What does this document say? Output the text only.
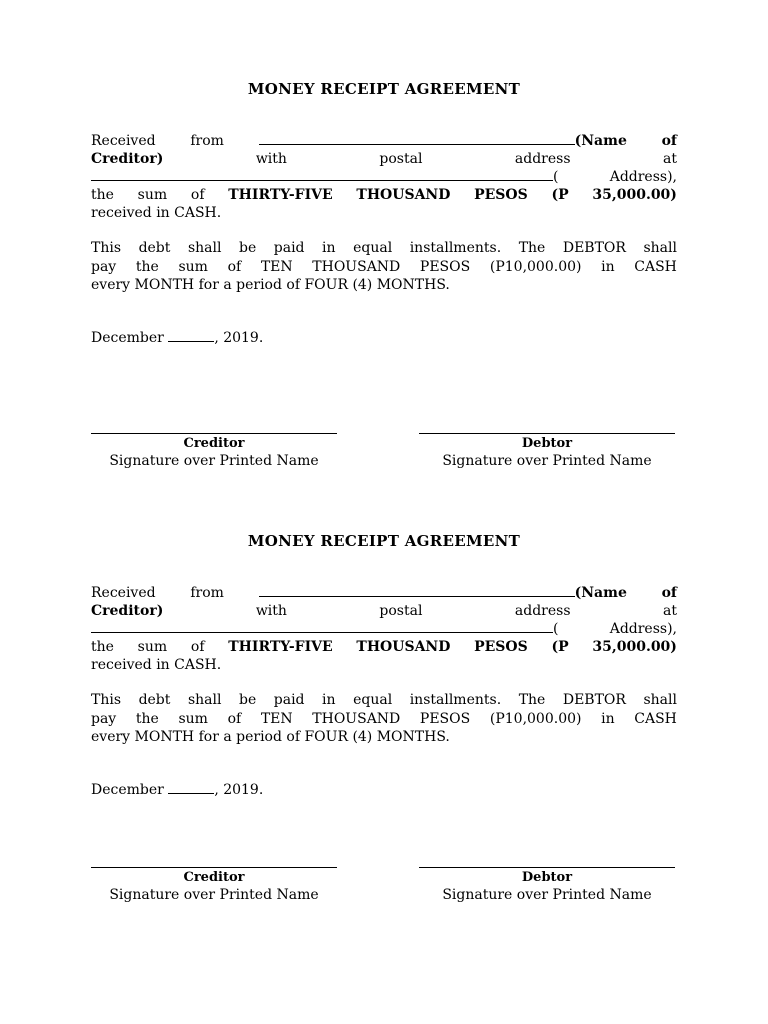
MONEY RECEIPT AGREEMENT
Received from	(Name of
Creditor)	with	postal	address	at
(	Address),
the sum of THIRTY-FIVE THOUSAND PESOS (P 35,000.00)
received in CASH.
This debt shall be paid in equal installments. The DEBTOR shall
pay the sum of TEN THOUSAND PESOS (P10,000.00) in CASH
every MONTH for a period of FOUR (4) MONTHS.
December	, 2019.
Creditor
Signature over Printed Name
Debtor
Signature over Printed Name
MONEY RECEIPT AGREEMENT
Received from	(Name of
Creditor)	with	postal	address	at
(	Address),
the sum of THIRTY-FIVE THOUSAND PESOS (P 35,000.00)
received in CASH.
This debt shall be paid in equal installments. The DEBTOR shall
pay the sum of TEN THOUSAND PESOS (P10,000.00) in CASH
every MONTH for a period of FOUR (4) MONTHS.
December	, 2019.
Creditor
Signature over Printed Name
Debtor
Signature over Printed Name
